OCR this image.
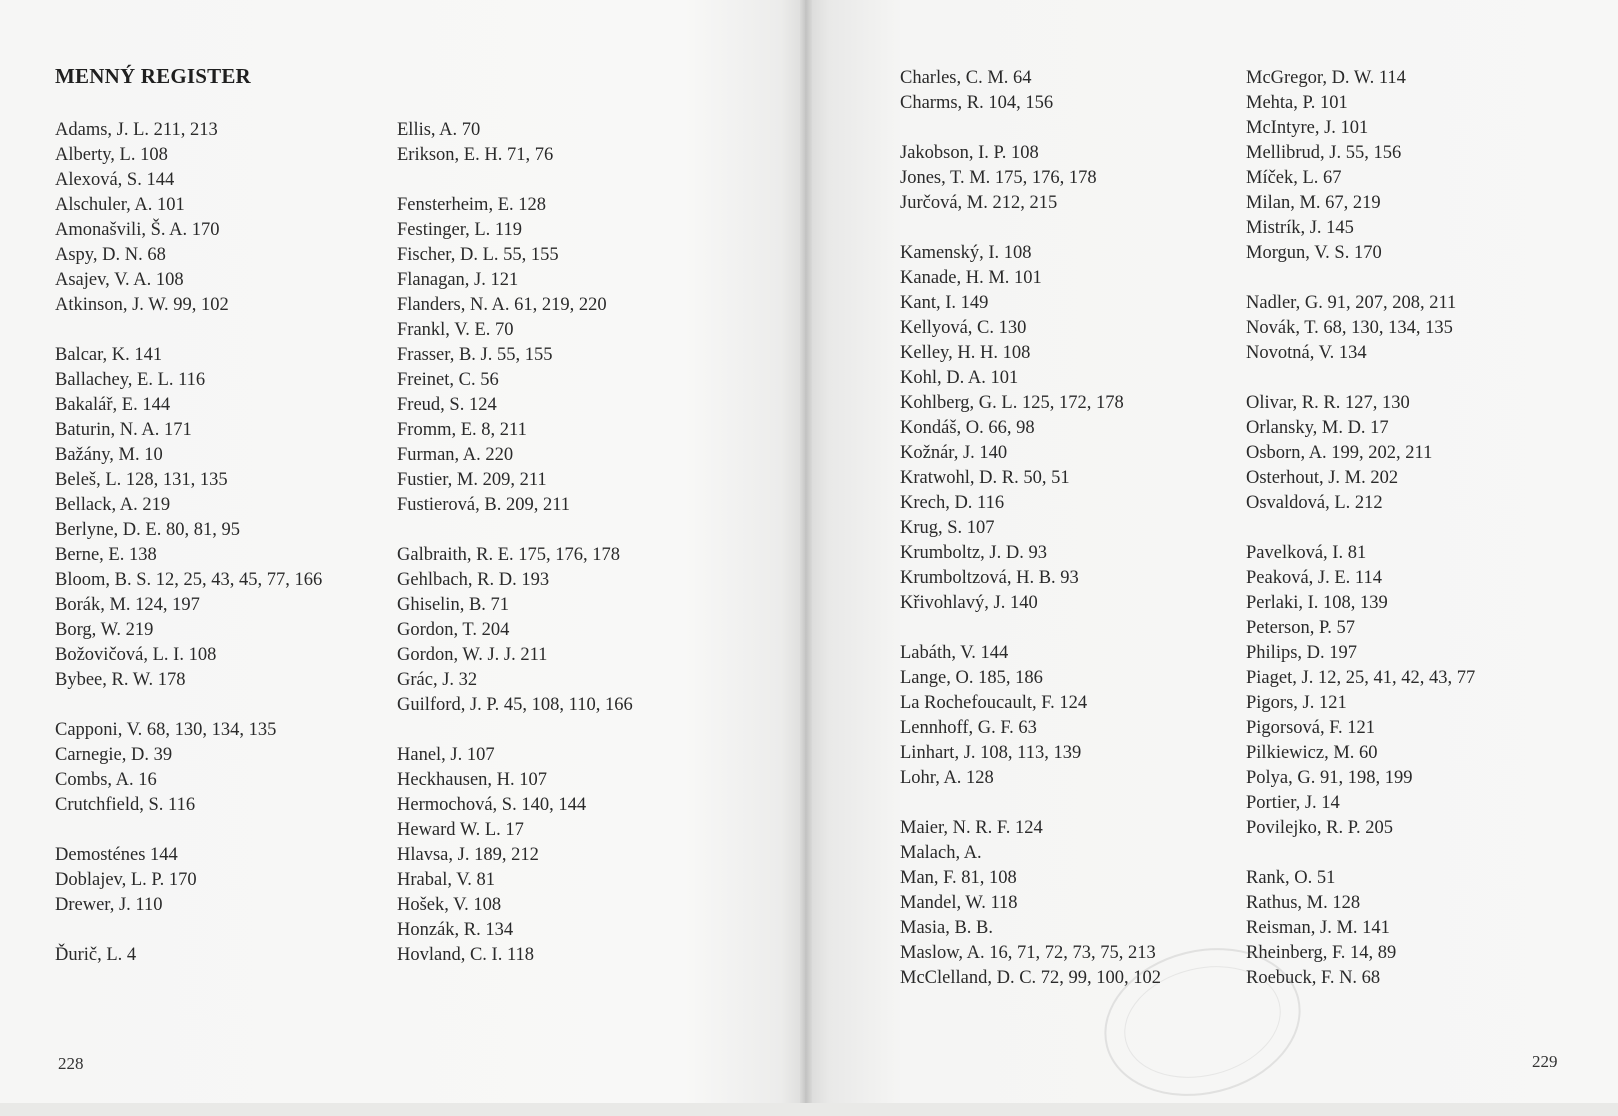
MENNÝ REGISTER
Adams, J. L. 211, 213
Alberty, L. 108
Alexová, S. 144
Alschuler, A. 101
Amonašvili, Š. A. 170
Aspy, D. N. 68
Asajev, V. A. 108
Atkinson, J. W. 99, 102
Balcar, K. 141
Ballachey, E. L. 116
Bakalář, E. 144
Baturin, N. A. 171
Bažány, M. 10
Beleš, L. 128, 131, 135
Bellack, A. 219
Berlyne, D. E. 80, 81, 95
Berne, E. 138
Bloom, B. S. 12, 25, 43, 45, 77, 166
Borák, M. 124, 197
Borg, W. 219
Božovičová, L. I. 108
Bybee, R. W. 178
Capponi, V. 68, 130, 134, 135
Carnegie, D. 39
Combs, A. 16
Crutchfield, S. 116
Demosténes 144
Doblajev, L. P. 170
Drewer, J. 110
Ďurič, L. 4
Ellis, A. 70
Erikson, E. H. 71, 76
Fensterheim, E. 128
Festinger, L. 119
Fischer, D. L. 55, 155
Flanagan, J. 121
Flanders, N. A. 61, 219, 220
Frankl, V. E. 70
Frasser, B. J. 55, 155
Freinet, C. 56
Freud, S. 124
Fromm, E. 8, 211
Furman, A. 220
Fustier, M. 209, 211
Fustierová, B. 209, 211
Galbraith, R. E. 175, 176, 178
Gehlbach, R. D. 193
Ghiselin, B. 71
Gordon, T. 204
Gordon, W. J. J. 211
Grác, J. 32
Guilford, J. P. 45, 108, 110, 166
Hanel, J. 107
Heckhausen, H. 107
Hermochová, S. 140, 144
Heward W. L. 17
Hlavsa, J. 189, 212
Hrabal, V. 81
Hošek, V. 108
Honzák, R. 134
Hovland, C. I. 118
228
Charles, C. M. 64
Charms, R. 104, 156
Jakobson, I. P. 108
Jones, T. M. 175, 176, 178
Jurčová, M. 212, 215
Kamenský, I. 108
Kanade, H. M. 101
Kant, I. 149
Kellyová, C. 130
Kelley, H. H. 108
Kohl, D. A. 101
Kohlberg, G. L. 125, 172, 178
Kondáš, O. 66, 98
Kožnár, J. 140
Kratwohl, D. R. 50, 51
Krech, D. 116
Krug, S. 107
Krumboltz, J. D. 93
Krumboltzová, H. B. 93
Křivohlavý, J. 140
Labáth, V. 144
Lange, O. 185, 186
La Rochefoucault, F. 124
Lennhoff, G. F. 63
Linhart, J. 108, 113, 139
Lohr, A. 128
Maier, N. R. F. 124
Malach, A.
Man, F. 81, 108
Mandel, W. 118
Masia, B. B.
Maslow, A. 16, 71, 72, 73, 75, 213
McClelland, D. C. 72, 99, 100, 102
McGregor, D. W. 114
Mehta, P. 101
McIntyre, J. 101
Mellibrud, J. 55, 156
Míček, L. 67
Milan, M. 67, 219
Mistrík, J. 145
Morgun, V. S. 170
Nadler, G. 91, 207, 208, 211
Novák, T. 68, 130, 134, 135
Novotná, V. 134
Olivar, R. R. 127, 130
Orlansky, M. D. 17
Osborn, A. 199, 202, 211
Osterhout, J. M. 202
Osvaldová, L. 212
Pavelková, I. 81
Peaková, J. E. 114
Perlaki, I. 108, 139
Peterson, P. 57
Philips, D. 197
Piaget, J. 12, 25, 41, 42, 43, 77
Pigors, J. 121
Pigorsová, F. 121
Pilkiewicz, M. 60
Polya, G. 91, 198, 199
Portier, J. 14
Povilejko, R. P. 205
Rank, O. 51
Rathus, M. 128
Reisman, J. M. 141
Rheinberg, F. 14, 89
Roebuck, F. N. 68
229
